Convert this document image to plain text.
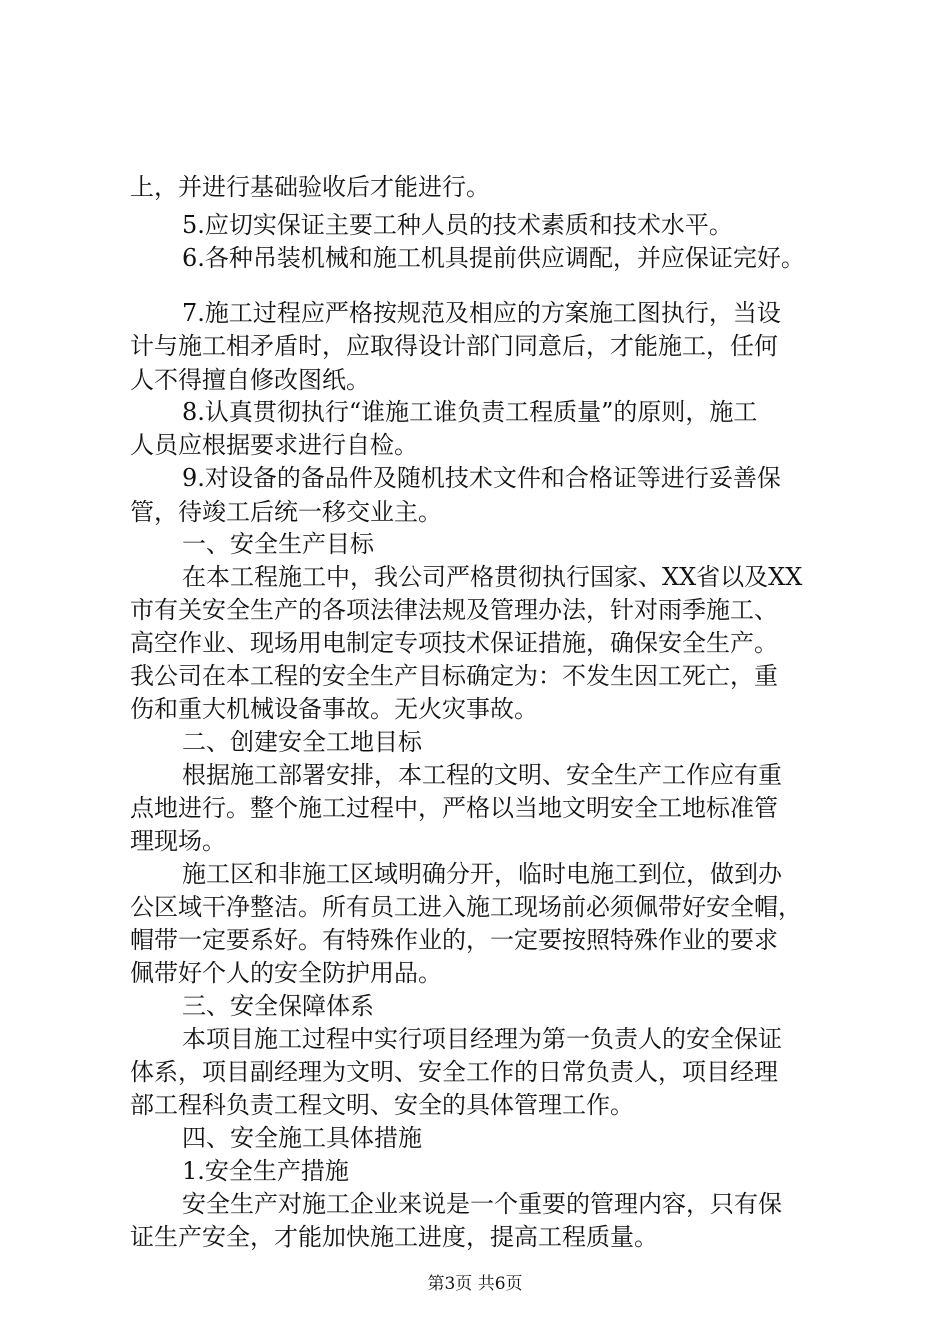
上，并进行基础验收后才能进行。
5.应切实保证主要工种人员的技术素质和技术水平。
6.各种吊装机械和施工机具提前供应调配，并应保证完好。
7.施工过程应严格按规范及相应的方案施工图执行，当设
计与施工相矛盾时，应取得设计部门同意后，才能施工，任何
人不得擅自修改图纸。
8.认真贯彻执行“谁施工谁负责工程质量”的原则，施工
人员应根据要求进行自检。
9.对设备的备品件及随机技术文件和合格证等进行妥善保
管，待竣工后统一移交业主。
一、安全生产目标
在本工程施工中，我公司严格贯彻执行国家、XX省以及XX
市有关安全生产的各项法律法规及管理办法，针对雨季施工、
高空作业、现场用电制定专项技术保证措施，确保安全生产。
我公司在本工程的安全生产目标确定为：不发生因工死亡，重
伤和重大机械设备事故。无火灾事故。
二、创建安全工地目标
根据施工部署安排，本工程的文明、安全生产工作应有重
点地进行。整个施工过程中，严格以当地文明安全工地标准管
理现场。
施工区和非施工区域明确分开，临时电施工到位，做到办
公区域干净整洁。所有员工进入施工现场前必须佩带好安全帽，
帽带一定要系好。有特殊作业的，一定要按照特殊作业的要求
佩带好个人的安全防护用品。
三、安全保障体系
本项目施工过程中实行项目经理为第一负责人的安全保证
体系，项目副经理为文明、安全工作的日常负责人，项目经理
部工程科负责工程文明、安全的具体管理工作。
四、安全施工具体措施
1.安全生产措施
安全生产对施工企业来说是一个重要的管理内容，只有保
证生产安全，才能加快施工进度，提高工程质量。
第3页 共6页
